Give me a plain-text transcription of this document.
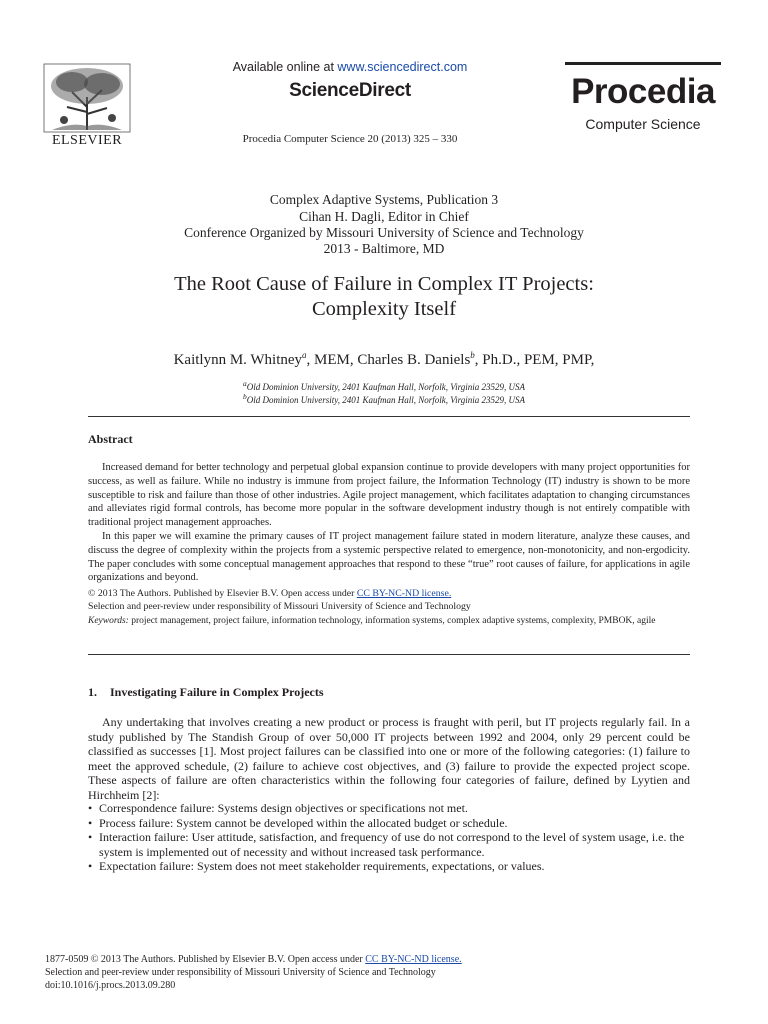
ELSEVIER
Available online at www.sciencedirect.com
ScienceDirect
Procedia Computer Science 20 (2013) 325 – 330
Procedia
Computer Science
Complex Adaptive Systems, Publication 3
Cihan H. Dagli, Editor in Chief
Conference Organized by Missouri University of Science and Technology
2013 - Baltimore, MD
The Root Cause of Failure in Complex IT Projects:
Complexity Itself
Kaitlynn M. Whitney$^a$, MEM, Charles B. Daniels$^b$, Ph.D., PEM, PMP,
$^a$Old Dominion University, 2401 Kaufman Hall, Norfolk, Virginia 23529, USA
$^b$Old Dominion University, 2401 Kaufman Hall, Norfolk, Virginia 23529, USA
Abstract

Increased demand for better technology and perpetual global expansion continue to provide developers with many project opportunities for success, as well as failure. While no industry is immune from project failure, the Information Technology (IT) industry is shown to be more susceptible to risk and failure than those of other industries. Agile project management, which facilitates adaptation to changing circumstances and alleviates rigid formal controls, has become more popular in the software development industry though is not entirely compatible with traditional project management approaches.

In this paper we will examine the primary causes of IT project management failure stated in modern literature, analyze these causes, and discuss the degree of complexity within the projects from a systemic perspective related to emergence, non-monotonicity, and non-ergodicity. The paper concludes with some conceptual management approaches that respond to these “true” root causes of failure, for applications in agile organizations and beyond.

© 2013 The Authors. Published by Elsevier B.V. Open access under CC BY-NC-ND license.
Selection and peer-review under responsibility of Missouri University of Science and Technology
Keywords: project management, project failure, information technology, information systems, complex adaptive systems, complexity, PMBOK, agile
1. Investigating Failure in Complex Projects

Any undertaking that involves creating a new product or process is fraught with peril, but IT projects regularly fail. In a study published by The Standish Group of over 50,000 IT projects between 1992 and 2004, only 29 percent could be classified as successes [1]. Most project failures can be classified into one or more of the following categories: (1) failure to meet the approved schedule, (2) failure to achieve cost objectives, and (3) failure to provide the expected project scope. These aspects of failure are often characteristics within the following four categories of failure, defined by Lyytien and Hirchheim [2]:

• Correspondence failure: Systems design objectives or specifications not met.
• Process failure: System cannot be developed within the allocated budget or schedule.
• Interaction failure: User attitude, satisfaction, and frequency of use do not correspond to the level of system usage, i.e. the system is implemented out of necessity and without increased task performance.
• Expectation failure: System does not meet stakeholder requirements, expectations, or values.
1877-0509 © 2013 The Authors. Published by Elsevier B.V. Open access under CC BY-NC-ND license.
Selection and peer-review under responsibility of Missouri University of Science and Technology
doi:10.1016/j.procs.2013.09.280
